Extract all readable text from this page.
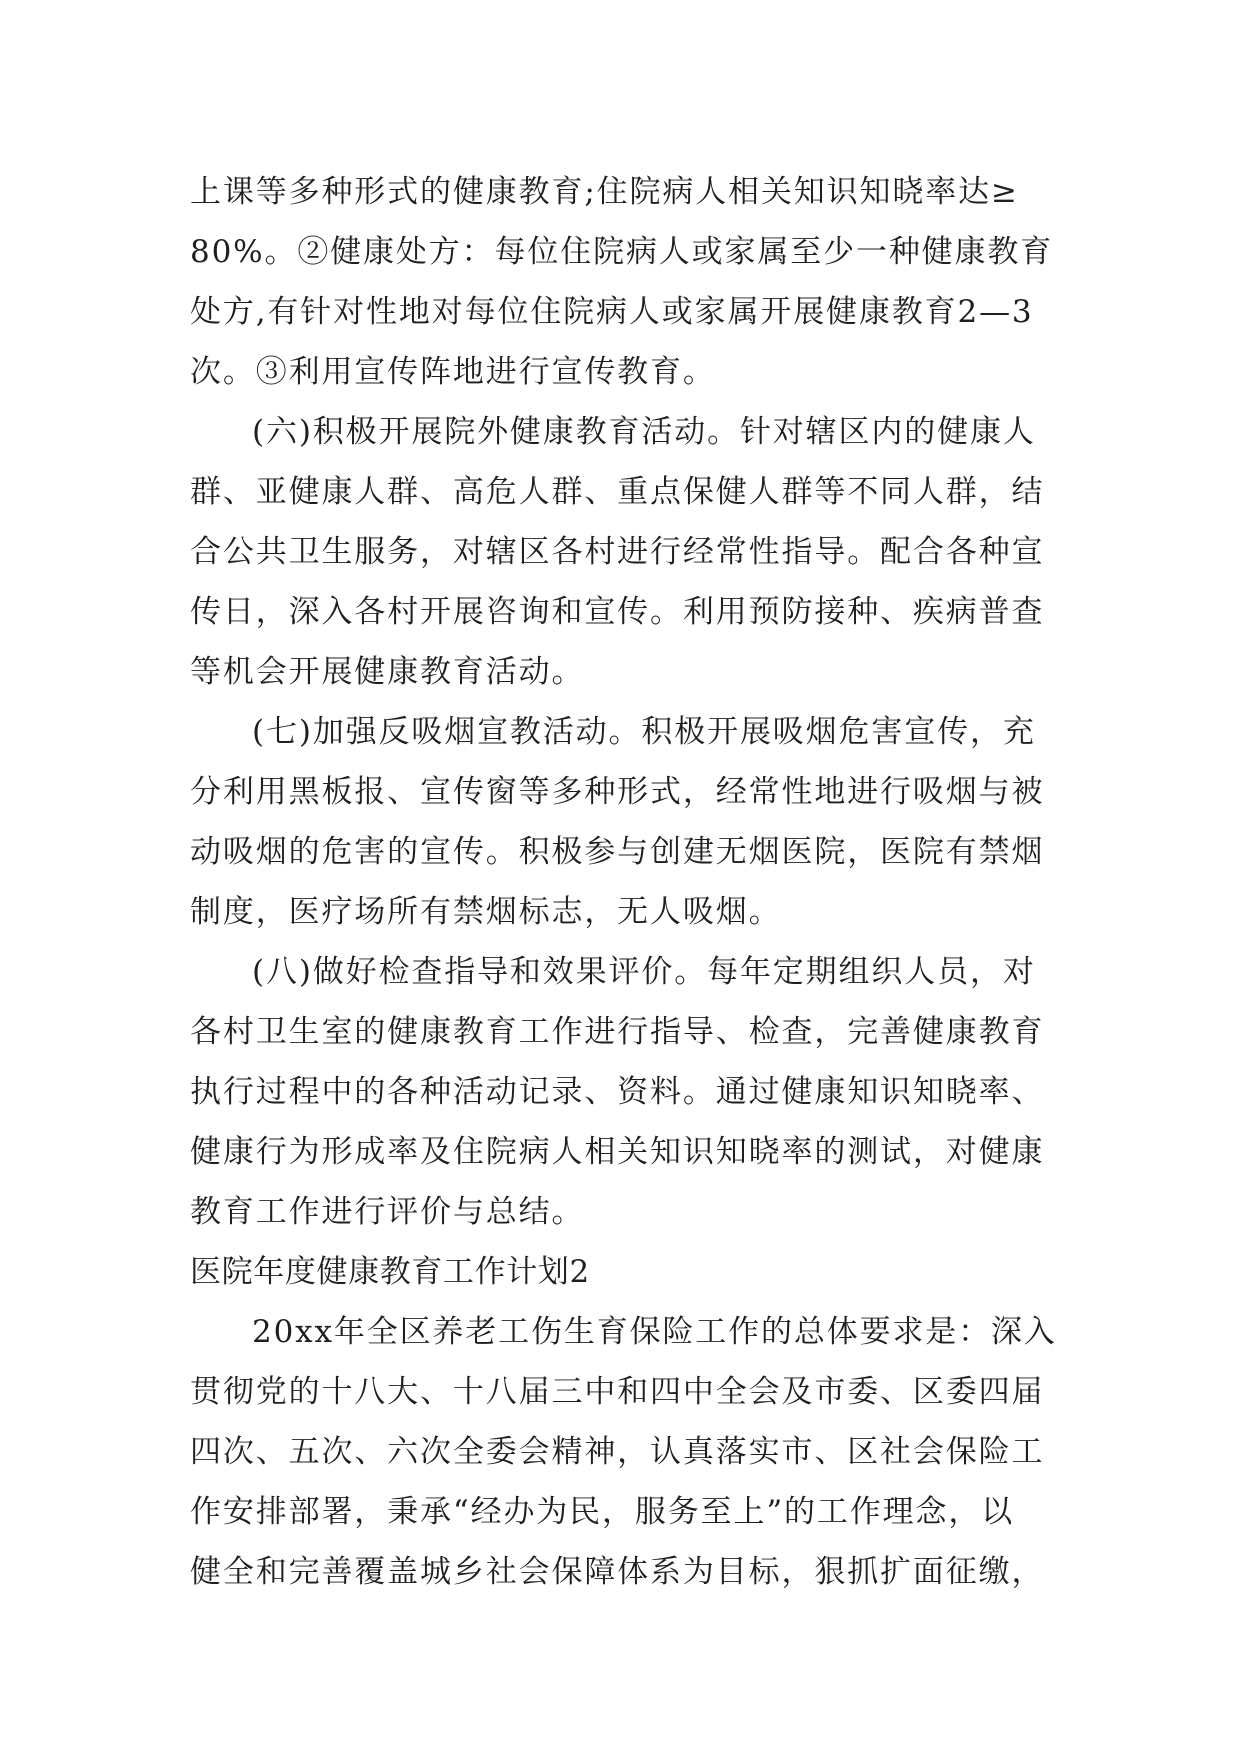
上课等多种形式的健康教育;住院病人相关知识知晓率达≥
80%。②健康处方：每位住院病人或家属至少一种健康教育
处方,有针对性地对每位住院病人或家属开展健康教育2—3
次。③利用宣传阵地进行宣传教育。
(六)积极开展院外健康教育活动。针对辖区内的健康人
群、亚健康人群、高危人群、重点保健人群等不同人群，结
合公共卫生服务，对辖区各村进行经常性指导。配合各种宣
传日，深入各村开展咨询和宣传。利用预防接种、疾病普查
等机会开展健康教育活动。
(七)加强反吸烟宣教活动。积极开展吸烟危害宣传，充
分利用黑板报、宣传窗等多种形式，经常性地进行吸烟与被
动吸烟的危害的宣传。积极参与创建无烟医院，医院有禁烟
制度，医疗场所有禁烟标志，无人吸烟。
(八)做好检查指导和效果评价。每年定期组织人员，对
各村卫生室的健康教育工作进行指导、检查，完善健康教育
执行过程中的各种活动记录、资料。通过健康知识知晓率、
健康行为形成率及住院病人相关知识知晓率的测试，对健康
教育工作进行评价与总结。
医院年度健康教育工作计划2
20xx年全区养老工伤生育保险工作的总体要求是：深入
贯彻党的十八大、十八届三中和四中全会及市委、区委四届
四次、五次、六次全委会精神，认真落实市、区社会保险工
作安排部署，秉承“经办为民，服务至上”的工作理念，以
健全和完善覆盖城乡社会保障体系为目标，狠抓扩面征缴，
